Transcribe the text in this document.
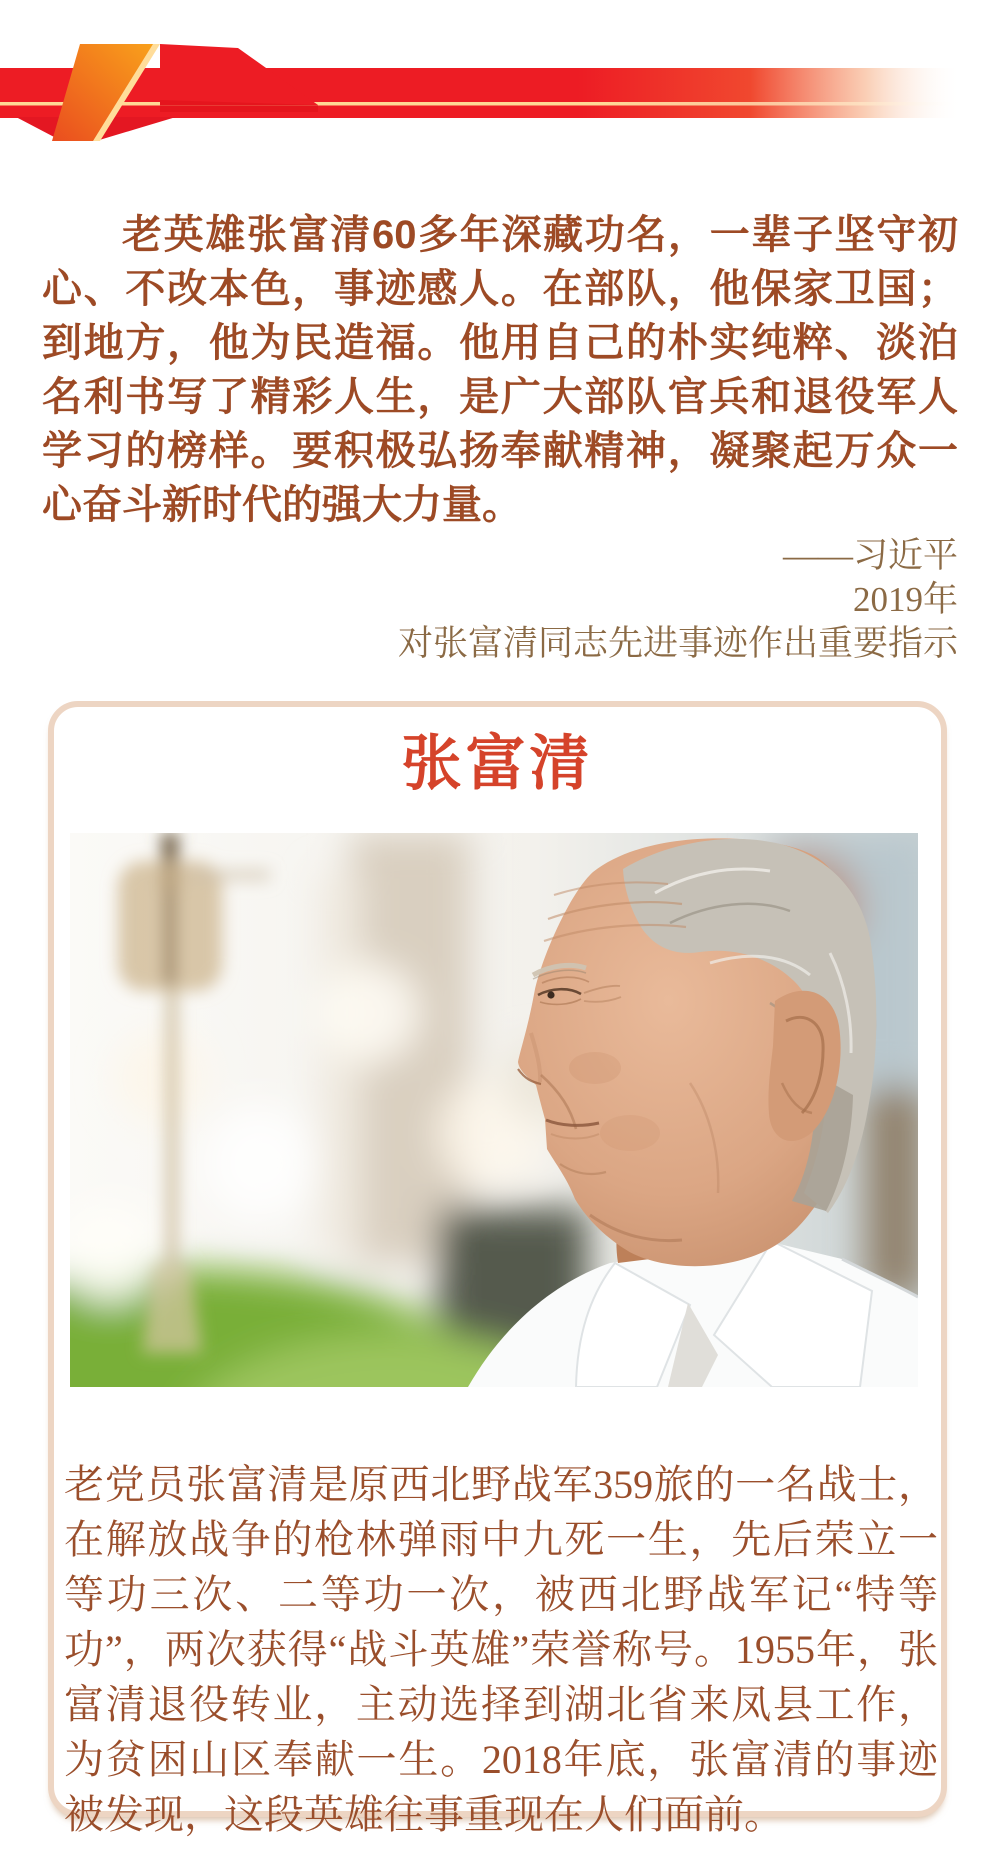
老英雄张富清60多年深藏功名，一辈子坚守初心、不改本色，事迹感人。在部队，他保家卫国；到地方，他为民造福。他用自己的朴实纯粹、淡泊名利书写了精彩人生，是广大部队官兵和退役军人学习的榜样。要积极弘扬奉献精神，凝聚起万众一心奋斗新时代的强大力量。

——习近平
2019年
对张富清同志先进事迹作出重要指示
张富清

老党员张富清是原西北野战军359旅的一名战士，在解放战争的枪林弹雨中九死一生，先后荣立一等功三次、二等功一次，被西北野战军记“特等功”，两次获得“战斗英雄”荣誉称号。1955年，张富清退役转业，主动选择到湖北省来凤县工作，为贫困山区奉献一生。2018年底，张富清的事迹被发现，这段英雄往事重现在人们面前。
